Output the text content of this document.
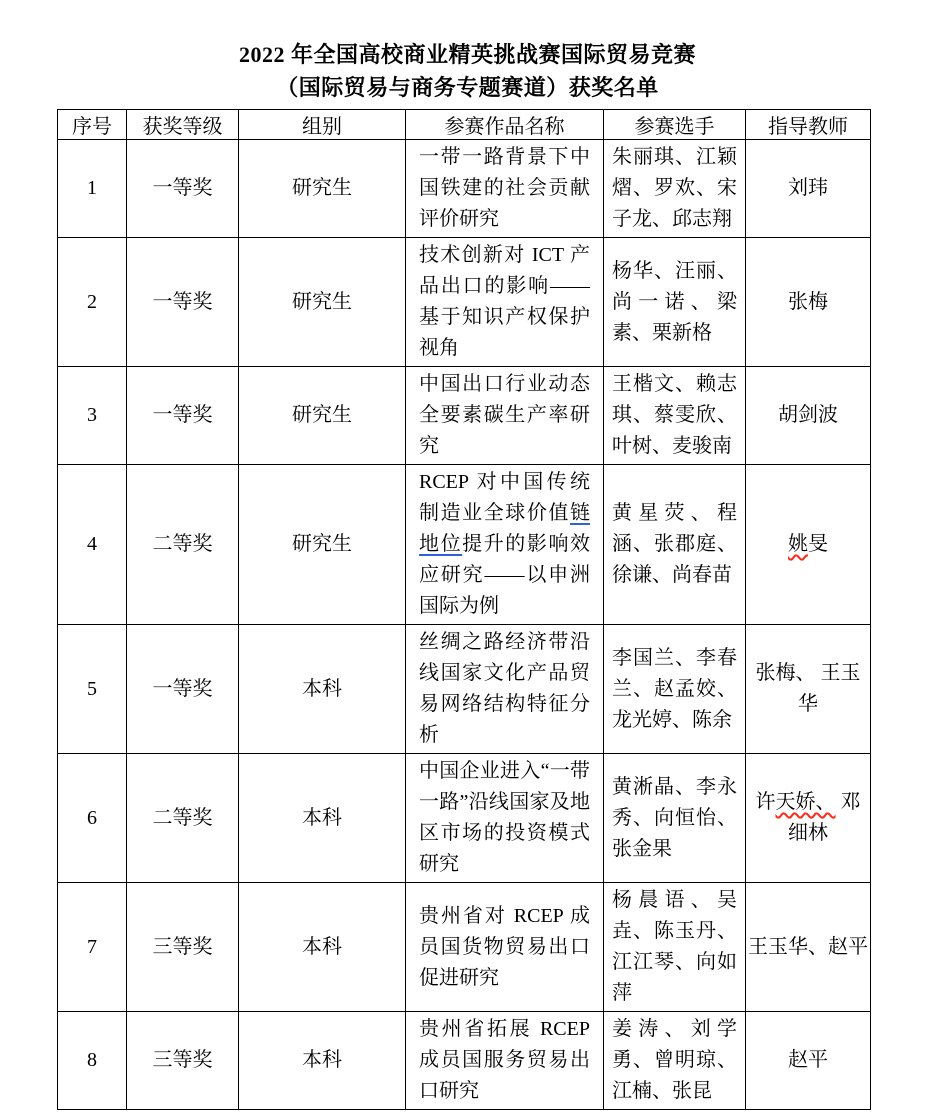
2022 年全国高校商业精英挑战赛国际贸易竞赛
（国际贸易与商务专题赛道）获奖名单
序号	获奖等级	组别	参赛作品名称	参赛选手	指导教师
1	一等奖	研究生	一带一路背景下中国铁建的社会贡献评价研究	朱丽琪、江颖熠、罗欢、宋子龙、邱志翔	刘玮
2	一等奖	研究生	技术创新对 ICT 产品出口的影响——基于知识产权保护视角	杨华、汪丽、尚一诺、梁素、栗新格	张梅
3	一等奖	研究生	中国出口行业动态全要素碳生产率研究	王楷文、赖志琪、蔡雯欣、叶树、麦骏南	胡剑波
4	二等奖	研究生	RCEP 对中国传统制造业全球价值链地位提升的影响效应研究——以申洲国际为例	黄星荧、程涵、张郡庭、徐谦、尚春苗	姚旻
5	一等奖	本科	丝绸之路经济带沿线国家文化产品贸易网络结构特征分析	李国兰、李春兰、赵孟姣、龙光婷、陈余	张梅、 王玉华
6	二等奖	本科	中国企业进入“一带一路”沿线国家及地区市场的投资模式研究	黄淅晶、李永秀、向恒怡、张金果	许天娇、 邓细林
7	三等奖	本科	贵州省对 RCEP 成员国货物贸易出口促进研究	杨晨语、吴垚、陈玉丹、江江琴、向如萍	王玉华、赵平
8	三等奖	本科	贵州省拓展 RCEP 成员国服务贸易出口研究	姜涛、刘学勇、曾明琼、江楠、张昆	赵平
